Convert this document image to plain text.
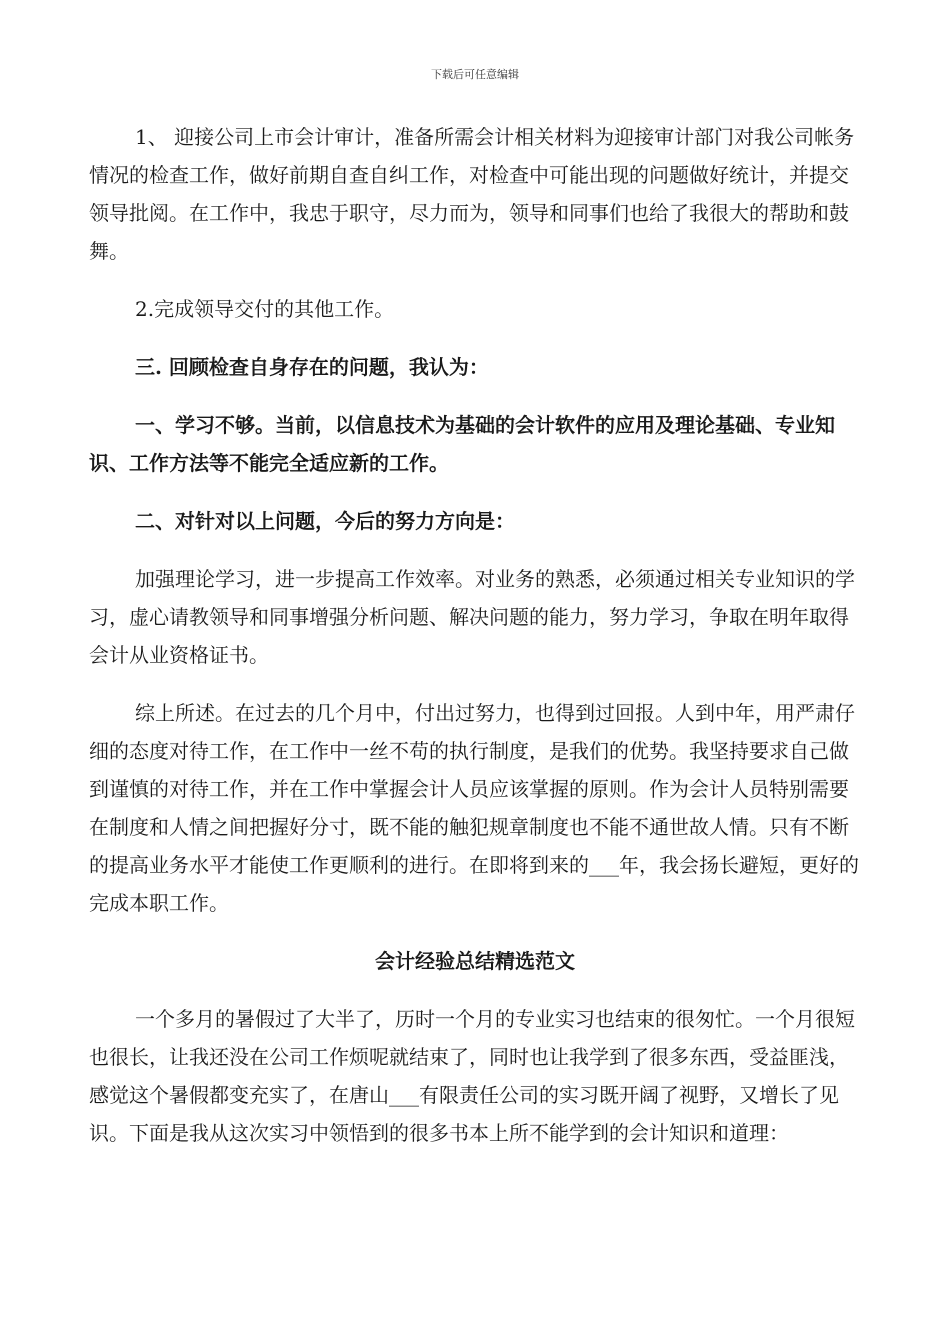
下载后可任意编辑

1、 迎接公司上市会计审计，准备所需会计相关材料为迎接审计部门对我公司帐务情况的检查工作，做好前期自查自纠工作，对检查中可能出现的问题做好统计，并提交领导批阅。在工作中，我忠于职守，尽力而为，领导和同事们也给了我很大的帮助和鼓舞。

2.完成领导交付的其他工作。

三. 回顾检查自身存在的问题，我认为：

一、学习不够。当前，以信息技术为基础的会计软件的应用及理论基础、专业知识、工作方法等不能完全适应新的工作。

二、对针对以上问题，今后的努力方向是：

加强理论学习，进一步提高工作效率。对业务的熟悉，必须通过相关专业知识的学习，虚心请教领导和同事增强分析问题、解决问题的能力，努力学习，争取在明年取得会计从业资格证书。

综上所述。在过去的几个月中，付出过努力，也得到过回报。人到中年，用严肃仔细的态度对待工作，在工作中一丝不苟的执行制度，是我们的优势。我坚持要求自己做到谨慎的对待工作，并在工作中掌握会计人员应该掌握的原则。作为会计人员特别需要在制度和人情之间把握好分寸，既不能的触犯规章制度也不能不通世故人情。只有不断的提高业务水平才能使工作更顺利的进行。在即将到来的___年，我会扬长避短，更好的完成本职工作。

会计经验总结精选范文

一个多月的暑假过了大半了，历时一个月的专业实习也结束的很匆忙。一个月很短也很长，让我还没在公司工作烦呢就结束了，同时也让我学到了很多东西，受益匪浅，感觉这个暑假都变充实了，在唐山___有限责任公司的实习既开阔了视野，又增长了见识。下面是我从这次实习中领悟到的很多书本上所不能学到的会计知识和道理：
